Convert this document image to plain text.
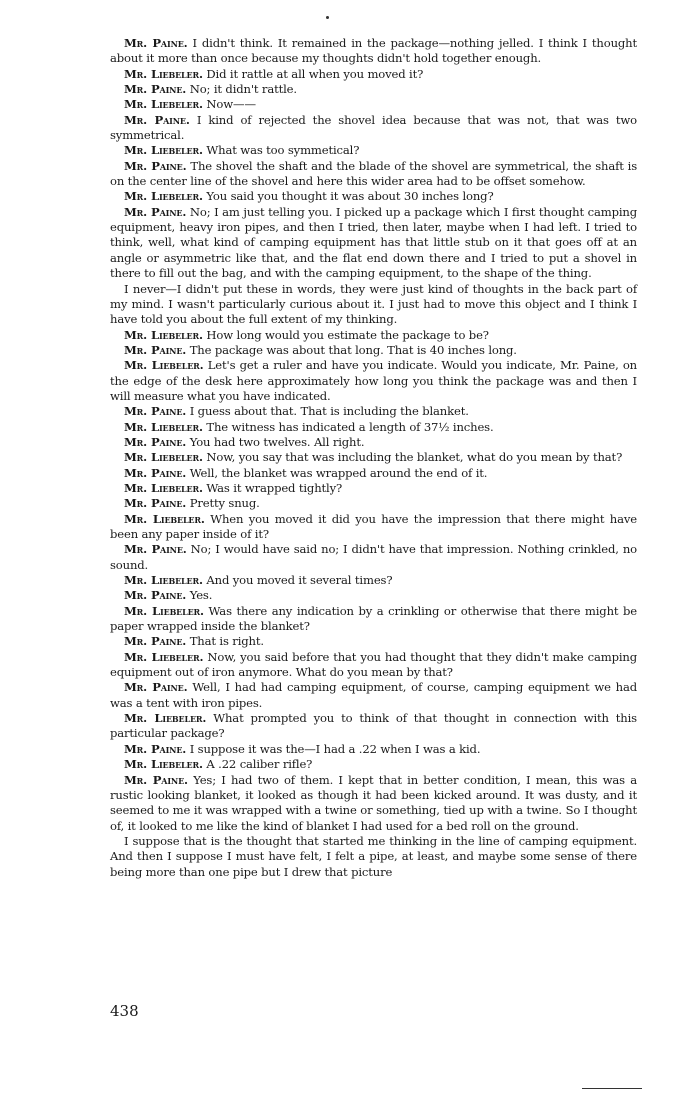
Mr. Paine. I didn't think. It remained in the package—nothing jelled. I think I thought about it more than once because my thoughts didn't hold together enough.

Mr. Liebeler. Did it rattle at all when you moved it?

Mr. Paine. No; it didn't rattle.

Mr. Liebeler. Now——

Mr. Paine. I kind of rejected the shovel idea because that was not, that was two symmetrical.

Mr. Liebeler. What was too symmetical?

Mr. Paine. The shovel the shaft and the blade of the shovel are symmetrical, the shaft is on the center line of the shovel and here this wider area had to be offset somehow.

Mr. Liebeler. You said you thought it was about 30 inches long?

Mr. Paine. No; I am just telling you. I picked up a package which I first thought camping equipment, heavy iron pipes, and then I tried, then later, maybe when I had left. I tried to think, well, what kind of camping equipment has that little stub on it that goes off at an angle or asymmetric like that, and the flat end down there and I tried to put a shovel in there to fill out the bag, and with the camping equipment, to the shape of the thing.

I never—I didn't put these in words, they were just kind of thoughts in the back part of my mind. I wasn't particularly curious about it. I just had to move this object and I think I have told you about the full extent of my thinking.

Mr. Liebeler. How long would you estimate the package to be?

Mr. Paine. The package was about that long. That is 40 inches long.

Mr. Liebeler. Let's get a ruler and have you indicate. Would you indicate, Mr. Paine, on the edge of the desk here approximately how long you think the package was and then I will measure what you have indicated.

Mr. Paine. I guess about that. That is including the blanket.

Mr. Liebeler. The witness has indicated a length of 37½ inches.

Mr. Paine. You had two twelves. All right.

Mr. Liebeler. Now, you say that was including the blanket, what do you mean by that?

Mr. Paine. Well, the blanket was wrapped around the end of it.

Mr. Liebeler. Was it wrapped tightly?

Mr. Paine. Pretty snug.

Mr. Liebeler. When you moved it did you have the impression that there might have been any paper inside of it?

Mr. Paine. No; I would have said no; I didn't have that impression. Nothing crinkled, no sound.

Mr. Liebeler. And you moved it several times?

Mr. Paine. Yes.

Mr. Liebeler. Was there any indication by a crinkling or otherwise that there might be paper wrapped inside the blanket?

Mr. Paine. That is right.

Mr. Liebeler. Now, you said before that you had thought that they didn't make camping equipment out of iron anymore. What do you mean by that?

Mr. Paine. Well, I had had camping equipment, of course, camping equipment we had was a tent with iron pipes.

Mr. Liebeler. What prompted you to think of that thought in connection with this particular package?

Mr. Paine. I suppose it was the—I had a .22 when I was a kid.

Mr. Liebeler. A .22 caliber rifle?

Mr. Paine. Yes; I had two of them. I kept that in better condition, I mean, this was a rustic looking blanket, it looked as though it had been kicked around. It was dusty, and it seemed to me it was wrapped with a twine or something, tied up with a twine. So I thought of, it looked to me like the kind of blanket I had used for a bed roll on the ground.

I suppose that is the thought that started me thinking in the line of camping equipment. And then I suppose I must have felt, I felt a pipe, at least, and maybe some sense of there being more than one pipe but I drew that picture

438
